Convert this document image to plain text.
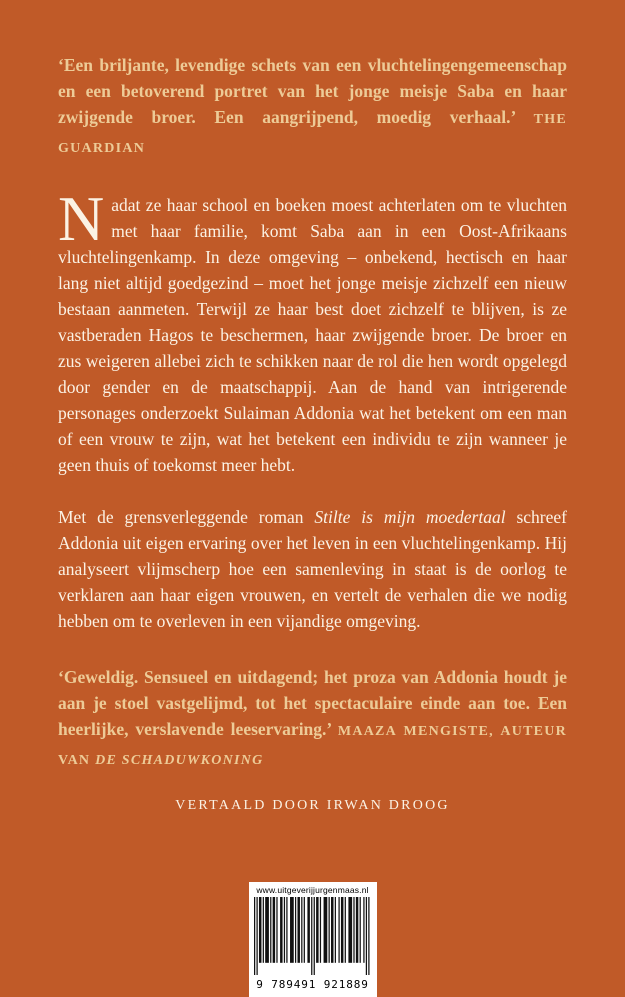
‘Een briljante, levendige schets van een vluchtelingengemeenschap en een betoverend portret van het jonge meisje Saba en haar zwijgende broer. Een aangrijpend, moedig verhaal.’ THE GUARDIAN

Nadat ze haar school en boeken moest achterlaten om te vluchten met haar familie, komt Saba aan in een Oost-Afrikaans vluchtelingenkamp. In deze omgeving – onbekend, hectisch en haar lang niet altijd goedgezind – moet het jonge meisje zichzelf een nieuw bestaan aanmeten. Terwijl ze haar best doet zichzelf te blijven, is ze vastberaden Hagos te beschermen, haar zwijgende broer. De broer en zus weigeren allebei zich te schikken naar de rol die hen wordt opgelegd door gender en de maatschappij. Aan de hand van intrigerende personages onderzoekt Sulaiman Addonia wat het betekent om een man of een vrouw te zijn, wat het betekent een individu te zijn wanneer je geen thuis of toekomst meer hebt.

Met de grensverleggende roman Stilte is mijn moedertaal schreef Addonia uit eigen ervaring over het leven in een vluchtelingenkamp. Hij analyseert vlijmscherp hoe een samenleving in staat is de oorlog te verklaren aan haar eigen vrouwen, en vertelt de verhalen die we nodig hebben om te overleven in een vijandige omgeving.

‘Geweldig. Sensueel en uitdagend; het proza van Addonia houdt je aan je stoel vastgelijmd, tot het spectaculaire einde aan toe. Een heerlijke, verslavende leeservaring.’ MAAZA MENGISTE, AUTEUR VAN DE SCHADUWKONING

VERTAALD DOOR IRWAN DROOG

www.uitgeverijjurgenmaas.nl
9 789491 921889
